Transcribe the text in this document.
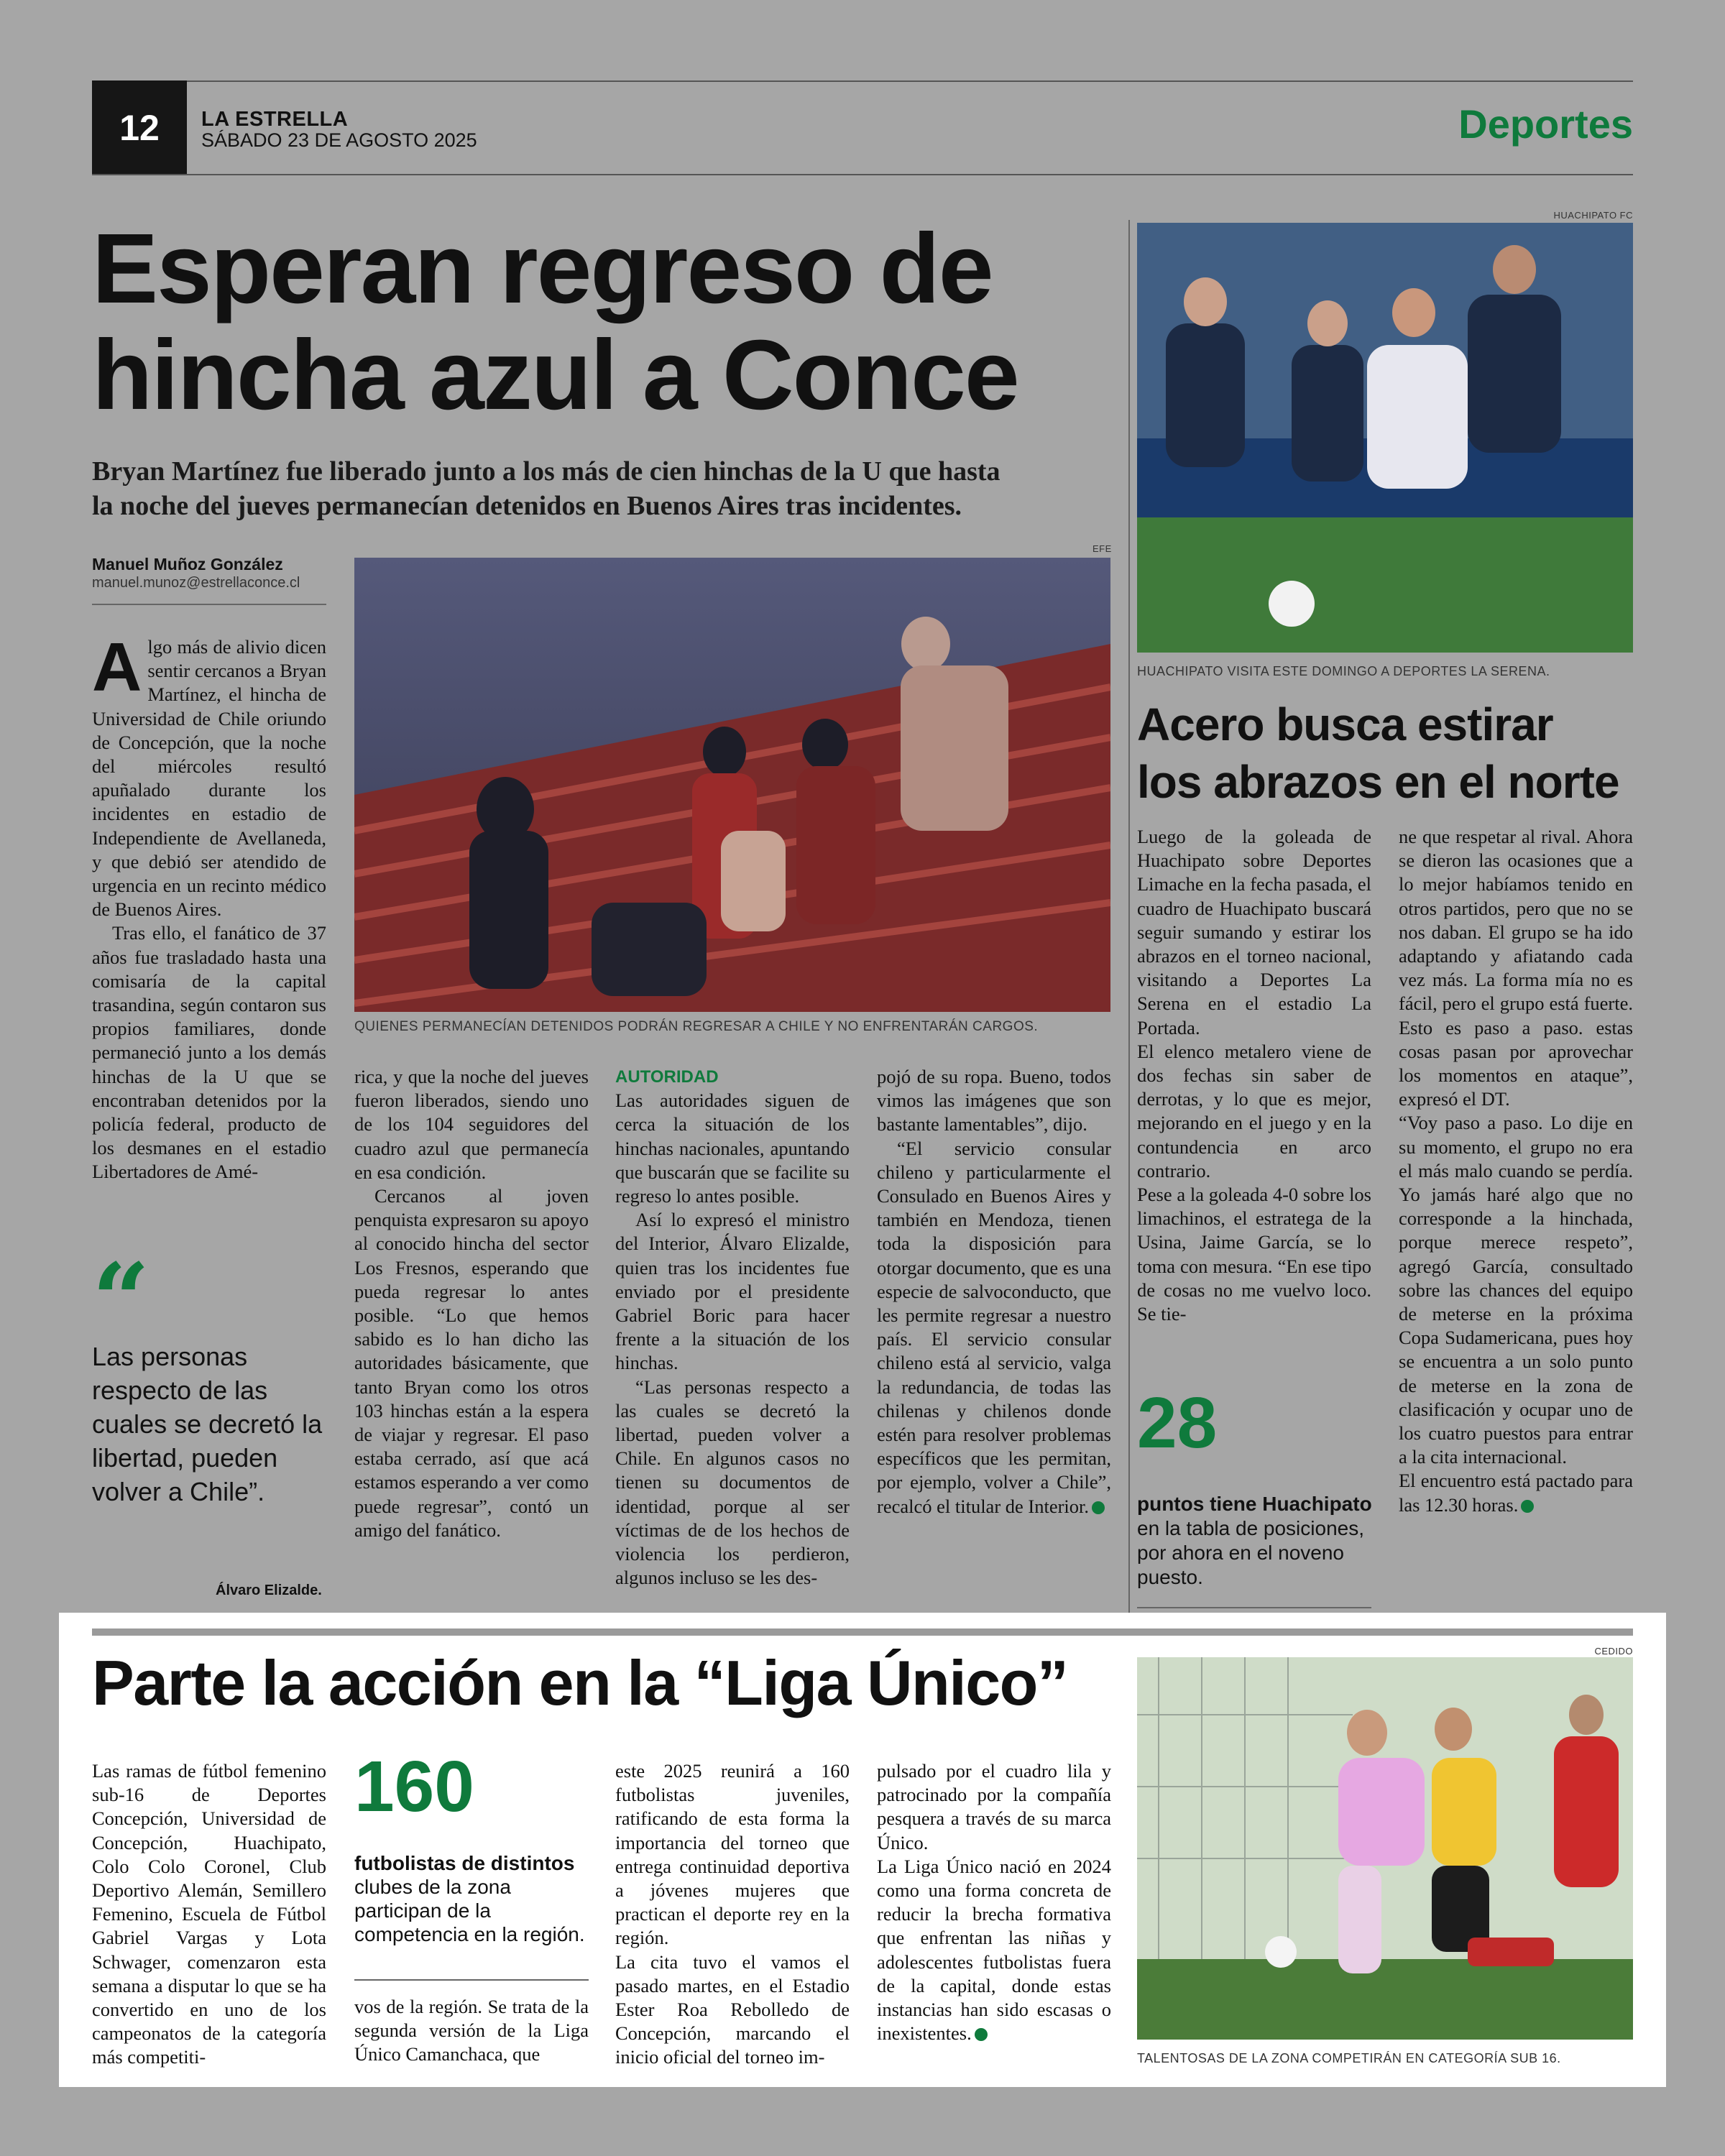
12 LA ESTRELLA
SÁBADO 23 DE AGOSTO 2025	Deportes
Esperan regreso de
hincha azul a Conce
Bryan Martínez fue liberado junto a los más de cien hinchas de la U que hasta
la noche del jueves permanecían detenidos en Buenos Aires tras incidentes.
Manuel Muñoz González
manuel.munoz@estrellaconce.cl
EFE
QUIENES PERMANECÍAN DETENIDOS PODRÁN REGRESAR A CHILE Y NO ENFRENTARÁN CARGOS.

Algo más de alivio dicen sentir cercanos a Bryan Martínez, el hincha de Universidad de Chile oriundo de Concepción, que la noche del miércoles resultó apuñalado durante los incidentes en estadio de Independiente de Avellaneda, y que debió ser atendido de urgencia en un recinto médico de Buenos Aires.

Tras ello, el fanático de 37 años fue trasladado hasta una comisaría de la capital trasandina, según contaron sus propios familiares, donde permaneció junto a los demás hinchas de la U que se encontraban detenidos por la policía federal, producto de los desmanes en el estadio Libertadores de Amé-

“
Las personas respecto de las cuales se decretó la libertad, pueden volver a Chile”.
Álvaro Elizalde.

rica, y que la noche del jueves fueron liberados, siendo uno de los 104 seguidores del cuadro azul que permanecía en esa condición.

Cercanos al joven penquista expresaron su apoyo al conocido hincha del sector Los Fresnos, esperando que pueda regresar lo antes posible. “Lo que hemos sabido es lo han dicho las autoridades básicamente, que tanto Bryan como los otros 103 hinchas están a la espera de viajar y regresar. El paso estaba cerrado, así que acá estamos esperando a ver como puede regresar”, contó un amigo del fanático.

AUTORIDAD

Las autoridades siguen de cerca la situación de los hinchas nacionales, apuntando que buscarán que se facilite su regreso lo antes posible.

Así lo expresó el ministro del Interior, Álvaro Elizalde, quien tras los incidentes fue enviado por el presidente Gabriel Boric para hacer frente a la situación de los hinchas.

“Las personas respecto a las cuales se decretó la libertad, pueden volver a Chile. En algunos casos no tienen su documentos de identidad, porque al ser víctimas de de los hechos de violencia los perdieron, algunos incluso se les des-

pojó de su ropa. Bueno, todos vimos las imágenes que son bastante lamentables”, dijo.

“El servicio consular chileno y particularmente el Consulado en Buenos Aires y también en Mendoza, tienen toda la disposición para otorgar documento, que es una especie de salvoconducto, que les permite regresar a nuestro país. El servicio consular chileno está al servicio, valga la redundancia, de todas las chilenas y chilenos donde estén para resolver problemas específicos que les permitan, por ejemplo, volver a Chile”, recalcó el titular de Interior.

HUACHIPATO FC
HUACHIPATO VISITA ESTE DOMINGO A DEPORTES LA SERENA.
Acero busca estirar
los abrazos en el norte

Luego de la goleada de Huachipato sobre Deportes Limache en la fecha pasada, el cuadro de Huachipato buscará seguir sumando y estirar los abrazos en el torneo nacional, visitando a Deportes La Serena en el estadio La Portada.

El elenco metalero viene de dos fechas sin saber de derrotas, y lo que es mejor, mejorando en el juego y en la contundencia en arco contrario.

Pese a la goleada 4-0 sobre los limachinos, el estratega de la Usina, Jaime García, se lo toma con mesura. “En ese tipo de cosas no me vuelvo loco. Se tie-

28
puntos tiene Huachipato en la tabla de posiciones, por ahora en el noveno puesto.

ne que respetar al rival. Ahora se dieron las ocasiones que a lo mejor habíamos tenido en otros partidos, pero que no se nos daban. El grupo se ha ido adaptando y afiatando cada vez más. La forma mía no es fácil, pero el grupo está fuerte. Esto es paso a paso. estas cosas pasan por aprovechar los momentos en ataque”, expresó el DT.

“Voy paso a paso. Lo dije en su momento, el grupo no era el más malo cuando se perdía. Yo jamás haré algo que no corresponde a la hinchada, porque merece respeto”, agregó García, consultado sobre las chances del equipo de meterse en la próxima Copa Sudamericana, pues hoy se encuentra a un solo punto de meterse en la zona de clasificación y ocupar uno de los cuatro puestos para entrar a la cita internacional.

El encuentro está pactado para las 12.30 horas.

Parte la acción en la “Liga Único”	CEDIDO
TALENTOSAS DE LA ZONA COMPETIRÁN EN CATEGORÍA SUB 16.

Las ramas de fútbol femenino sub-16 de Deportes Concepción, Universidad de Concepción, Huachipato, Colo Colo Coronel, Club Deportivo Alemán, Semillero Femenino, Escuela de Fútbol Gabriel Vargas y Lota Schwager, comenzaron esta semana a disputar lo que se ha convertido en uno de los campeonatos de la categoría más competiti-

160
futbolistas de distintos clubes de la zona participan de la competencia en la región.

vos de la región. Se trata de la segunda versión de la Liga Único Camanchaca, que

este 2025 reunirá a 160 futbolistas juveniles, ratificando de esta forma la importancia del torneo que entrega continuidad deportiva a jóvenes mujeres que practican el deporte rey en la región.

La cita tuvo el vamos el pasado martes, en el Estadio Ester Roa Rebolledo de Concepción, marcando el inicio oficial del torneo im-

pulsado por el cuadro lila y patrocinado por la compañía pesquera a través de su marca Único.

La Liga Único nació en 2024 como una forma concreta de reducir la brecha formativa que enfrentan las niñas y adolescentes futbolistas fuera de la capital, donde estas instancias han sido escasas o inexistentes.
